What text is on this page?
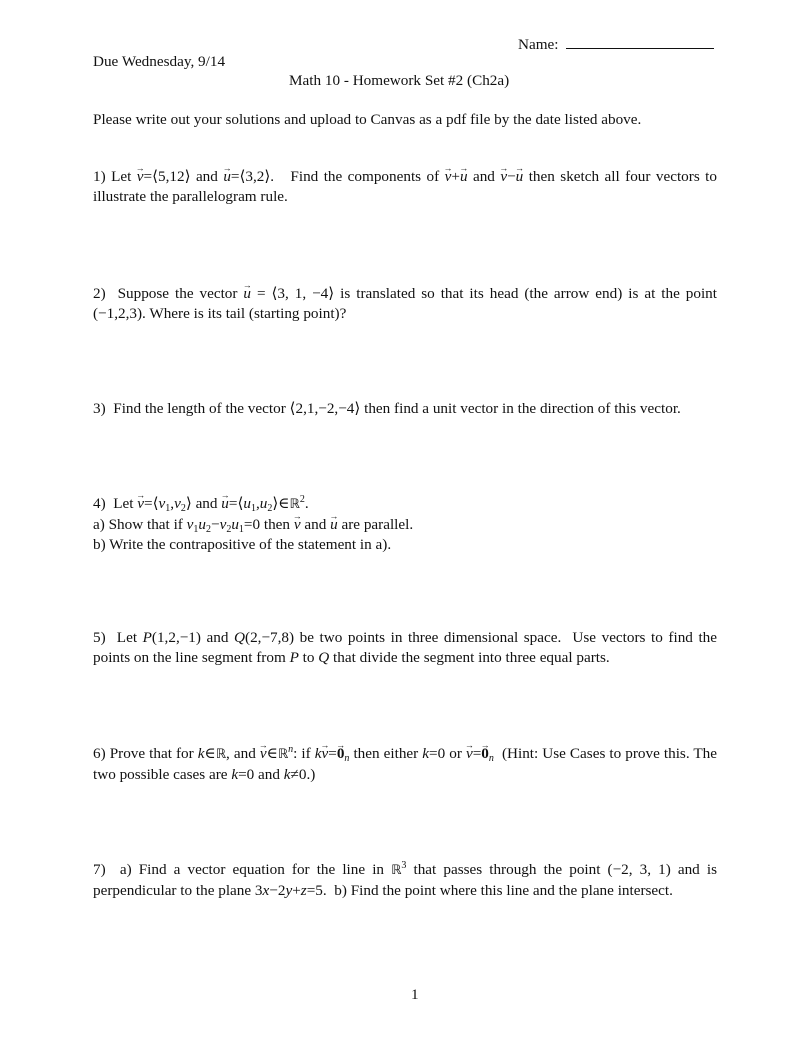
Name:
Due Wednesday, 9/14
Math 10 - Homework Set #2 (Ch2a)
Please write out your solutions and upload to Canvas as a pdf file by the date listed above.
1) Let → v=⟨5,12⟩ and → u=⟨3,2⟩.   Find the components of → v+→ u and → v−→ u then sketch all four vectors to illustrate the parallelogram rule.
2)  Suppose the vector → u = ⟨3, 1, −4⟩ is translated so that its head (the arrow end) is at the point (−1,2,3). Where is its tail (starting point)?
3)  Find the length of the vector ⟨2,1,−2,−4⟩ then find a unit vector in the direction of this vector.
4)  Let → $v=⟨v_1,v_2⟩$ and → $u=⟨u_1,u_2⟩\in ℝ^2$.
a) Show that if $v_1u_2-v_2u_1=0$ then → v and → u are parallel.
b) Write the contrapositive of the statement in a).
5)  Let P(1,2,−1) and Q(2,−7,8) be two points in three dimensional space.  Use vectors to find the points on the line segment from P to Q that divide the segment into three equal parts.
6) Prove that for k∈ℝ, and → v∈ℝ$^n$: if $k\to v=\to 0_n$ then either k=0 or → $v=\to 0_n$  (Hint: Use Cases to prove this. The two possible cases are k=0 and k≠0.)
7)  a) Find a vector equation for the line in ℝ$^3$ that passes through the point (−2, 3, 1) and is perpendicular to the plane 3x−2y+z=5.  b) Find the point where this line and the plane intersect.
1
